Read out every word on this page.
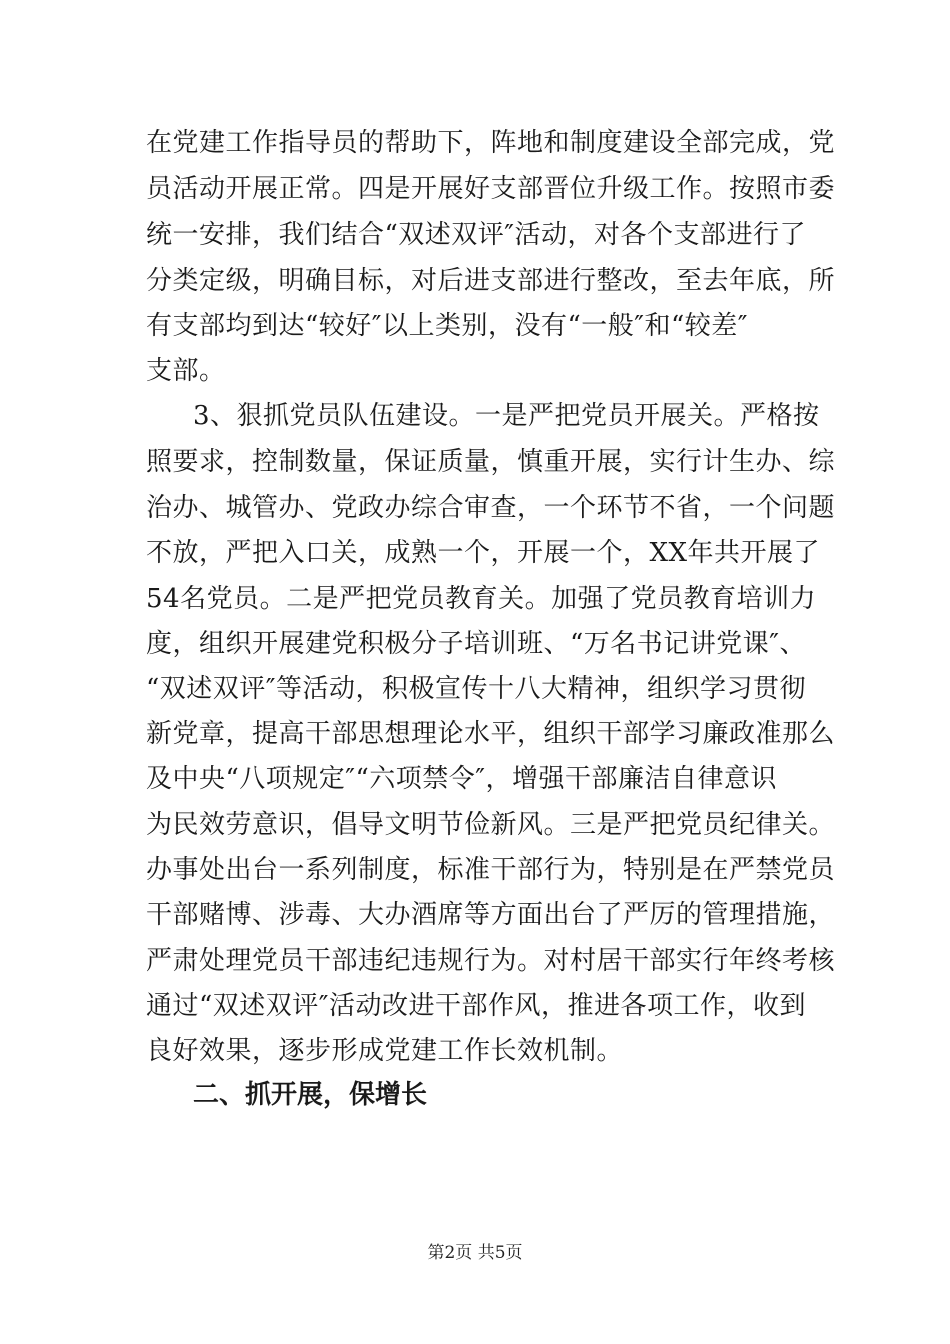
在党建工作指导员的帮助下，阵地和制度建设全部完成，党
员活动开展正常。四是开展好支部晋位升级工作。按照市委
统一安排，我们结合“双述双评″活动，对各个支部进行了
分类定级，明确目标，对后进支部进行整改，至去年底，所
有支部均到达“较好″以上类别，没有“一般″和“较差″
支部。
3、狠抓党员队伍建设。一是严把党员开展关。严格按
照要求，控制数量，保证质量，慎重开展，实行计生办、综
治办、城管办、党政办综合审查，一个环节不省，一个问题
不放，严把入口关，成熟一个，开展一个，XX年共开展了
54名党员。二是严把党员教育关。加强了党员教育培训力
度，组织开展建党积极分子培训班、“万名书记讲党课″、
“双述双评″等活动，积极宣传十八大精神，组织学习贯彻
新党章，提高干部思想理论水平，组织干部学习廉政准那么
及中央“八项规定″“六项禁令″，增强干部廉洁自律意识
为民效劳意识，倡导文明节俭新风。三是严把党员纪律关。
办事处出台一系列制度，标准干部行为，特别是在严禁党员
干部赌博、涉毒、大办酒席等方面出台了严厉的管理措施，
严肃处理党员干部违纪违规行为。对村居干部实行年终考核
通过“双述双评″活动改进干部作风，推进各项工作，收到
良好效果，逐步形成党建工作长效机制。
二、抓开展，保增长
第2页 共5页
